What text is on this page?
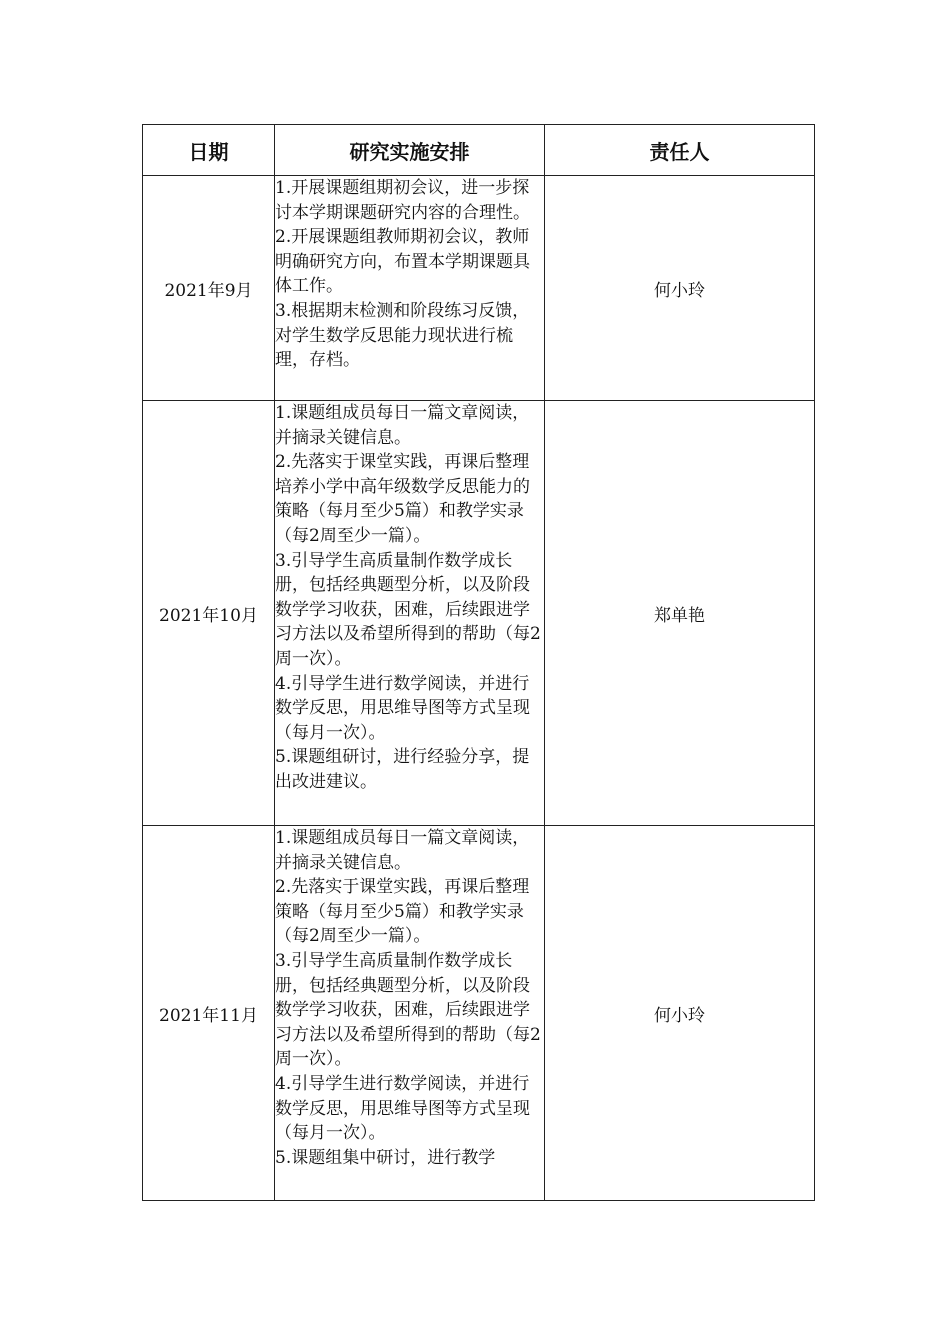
日期	研究实施安排	责任人
2021年9月	1.开展课题组期初会议，进一步探讨本学期课题研究内容的合理性。
2.开展课题组教师期初会议，教师明确研究方向，布置本学期课题具体工作。
3.根据期末检测和阶段练习反馈，对学生数学反思能力现状进行梳理，存档。	何小玲
2021年10月	1.课题组成员每日一篇文章阅读，并摘录关键信息。
2.先落实于课堂实践，再课后整理培养小学中高年级数学反思能力的策略（每月至少5篇）和教学实录（每2周至少一篇）。
3.引导学生高质量制作数学成长册，包括经典题型分析，以及阶段数学学习收获，困难，后续跟进学习方法以及希望所得到的帮助（每2周一次）。
4.引导学生进行数学阅读，并进行数学反思，用思维导图等方式呈现（每月一次）。
5.课题组研讨，进行经验分享，提出改进建议。	郑单艳
2021年11月	1.课题组成员每日一篇文章阅读，并摘录关键信息。
2.先落实于课堂实践，再课后整理策略（每月至少5篇）和教学实录（每2周至少一篇）。
3.引导学生高质量制作数学成长册，包括经典题型分析，以及阶段数学学习收获，困难，后续跟进学习方法以及希望所得到的帮助（每2周一次）。
4.引导学生进行数学阅读，并进行数学反思，用思维导图等方式呈现（每月一次）。
5.课题组集中研讨，进行教学	何小玲
